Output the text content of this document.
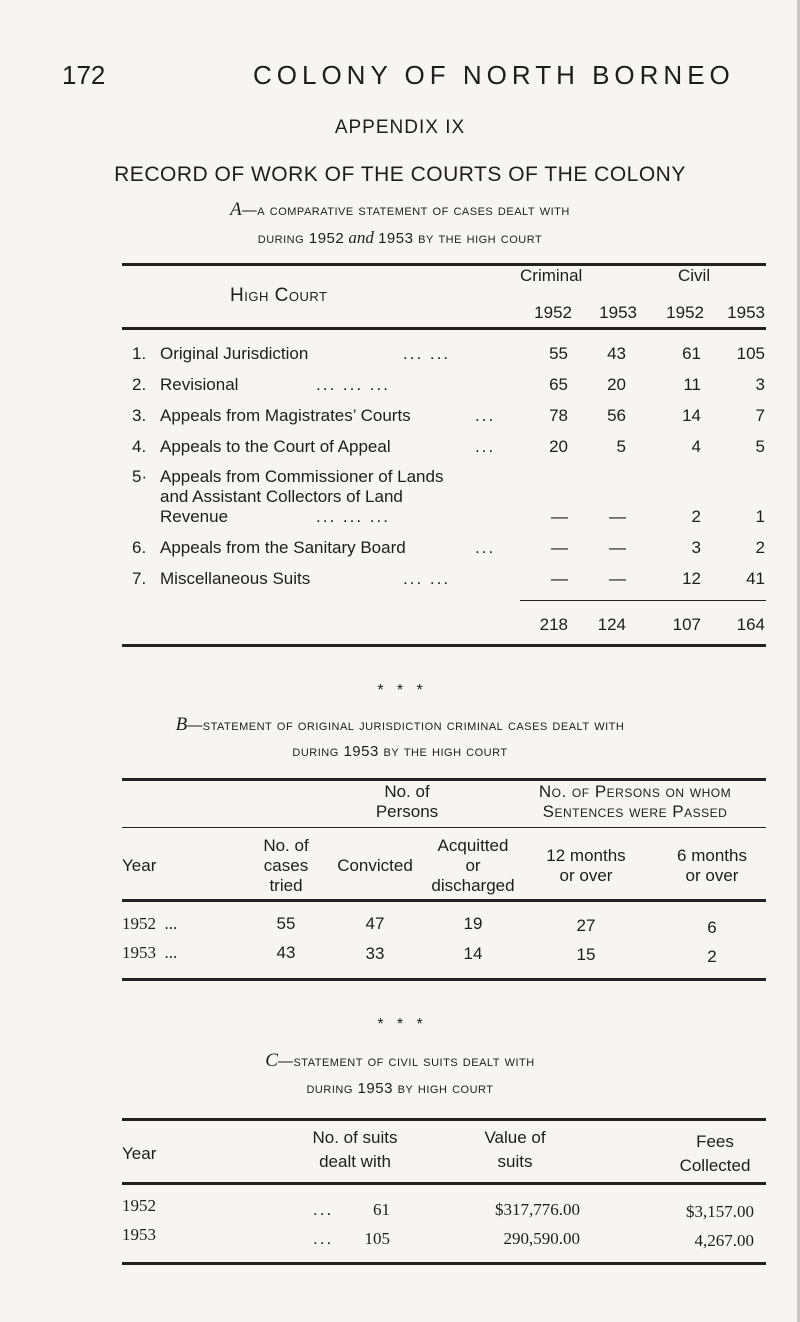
172	COLONY OF NORTH BORNEO
APPENDIX IX
RECORD OF WORK OF THE COURTS OF THE COLONY
A—a comparative statement of cases dealt with
during 1952 and 1953 by the high court
Criminal	Civil
High Court
1952	1953	1952	1953
1. Original Jurisdiction	... ...	55	43	61	105
2. Revisional	... ... ...	65	20	11	3
3. Appeals from Magistrates’ Courts	...	78	56	14	7
4. Appeals to the Court of Appeal	...	20	5	4	5
5· Appeals from Commissioner of Lands
and Assistant Collectors of Land
Revenue	... ... ...	—	—	2	1
6. Appeals from the Sanitary Board	...	—	—	3	2
7. Miscellaneous Suits	... ...	—	—	12	41
218	124	107	164
*   *   *
B—statement of original jurisdiction criminal cases dealt with
during 1953 by the high court
No. of
Persons
No. of Persons on whom
Sentences were Passed
Year
No. of
cases
tried
Convicted
Acquitted
or
discharged
12 months
or over
6 months
or over
1952  ...	55	47	19	27	6
1953  ...	43	33	14	15	2
*   *   *
C—statement of civil suits dealt with
during 1953 by high court
Year
No. of suits
dealt with
Value of
suits
Fees
Collected
1952	...	61	$317,776.00	$3,157.00
1953	...	105	290,590.00	4,267.00
